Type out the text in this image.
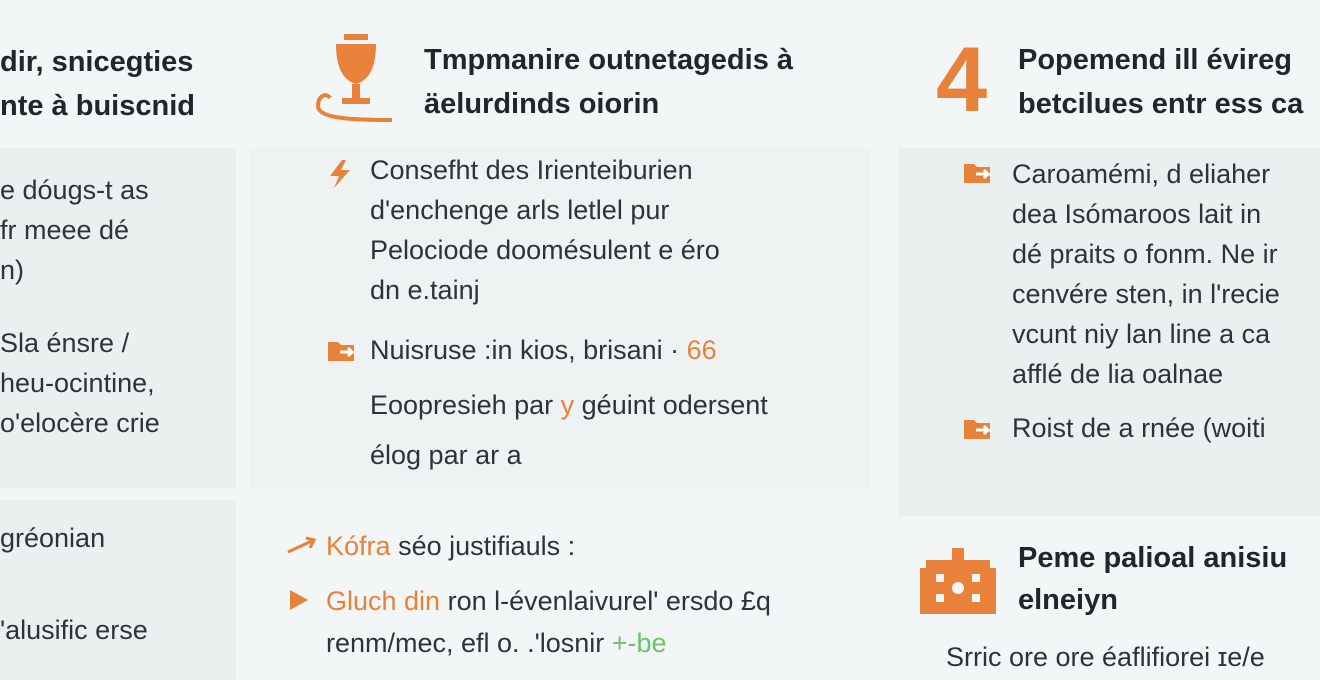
dir, snicegties
nte à buiscnid
e dóugs‑t as
fr meee dé
n)
Sla énsre /
heu‑ocintine,
o'elocère crie
gréonian
'alusific erse
Tmpmanire outnetagedis à
äelurdinds oiorin
Consefht des Irienteiburien
d'enchenge arls letlel pur
Pelociode doomésulent e éro
dn e.tainj
Nuisruse :in kios, brisani · 66
Eoopresieh par y géuint odersent
élog par ar a
Kófra séo justifiauls :
Gluch din ron l-évenlaivurel' ersdo £q
renm/mec, efl o. .'losnir +-be
4 Popemend ill évireg
betcilues entr ess ca
Caroamémi, d eliaher
dea Isómaroos lait in
dé praits o fonm. Ne ir
cenvére sten, in l'recie
vcunt niy lan line a ca
afflé de lia oalnae
Roist de a rnée (woiti
Peme palioal anisiu
elneiyn
Srric ore ore éaflifiorei ɪe/e
